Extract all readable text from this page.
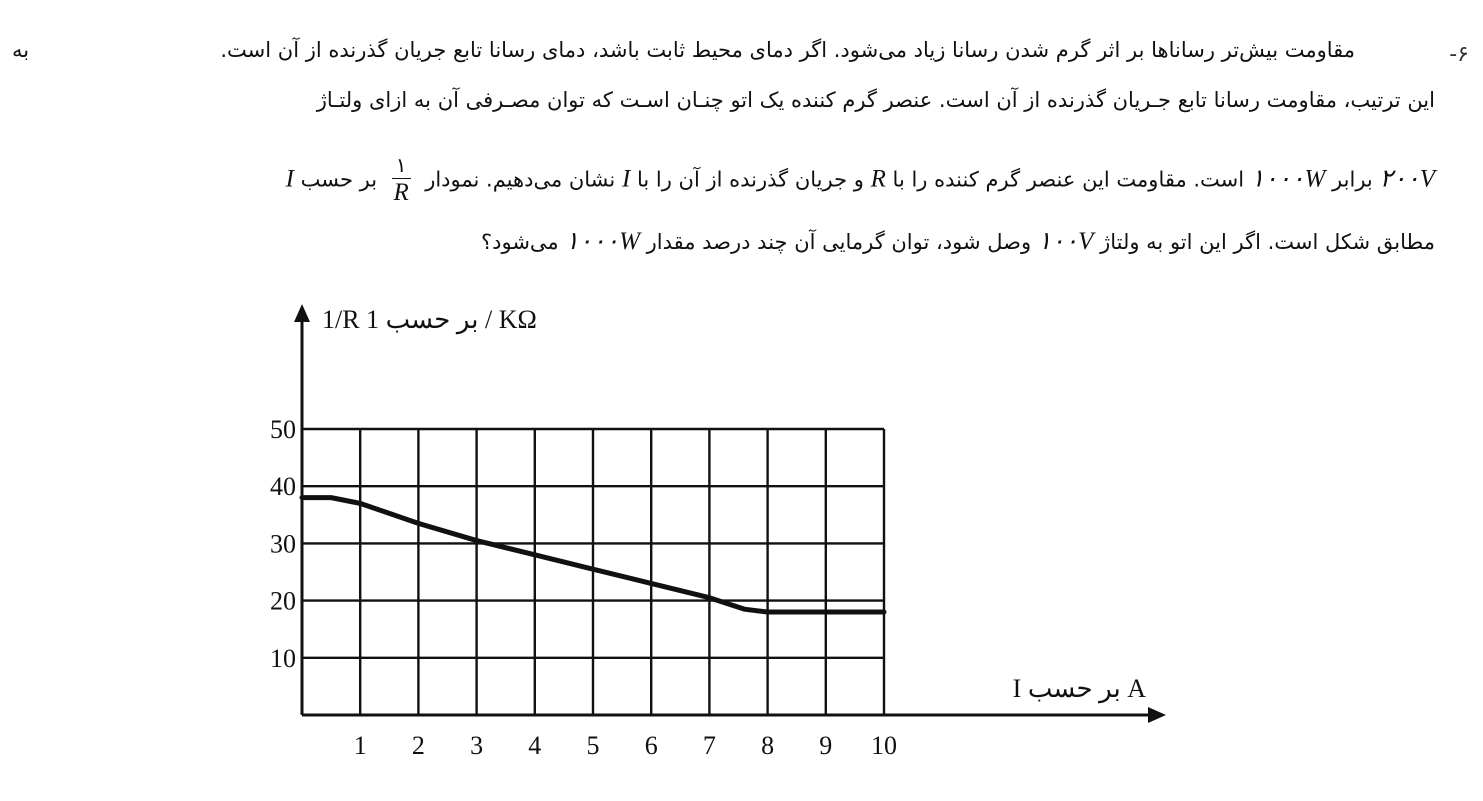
-۶
مقاومت بیش‌تر رساناها بر اثر گرم شدن رسانا زیاد می‌شود. اگر دمای محیط ثابت باشد، دمای رسانا تابع جریان گذرنده از آن است.
به
این ترتیب، مقاومت رسانا تابع جـریان گذرنده از آن است. عنصر گرم کننده یک اتو چنـان اسـت که توان مصـرفی آن به ازای ولتـاژ
۲۰۰V برابر ۱۰۰۰W است. مقاومت این عنصر گرم کننده را با R و جریان گذرنده از آن را با I نشان می‌دهیم. نمودار
$\frac{۱}{R}$
بر حسب I
مطابق شکل است. اگر این اتو به ولتاژ ۱۰۰V وصل شود، توان گرمایی آن چند درصد مقدار ۱۰۰۰W می‌شود؟
1 2 3 4 5 6 7 8 9 10
10
20
30
40
50
1/R بر حسب 1 / KΩ
I بر حسب A
